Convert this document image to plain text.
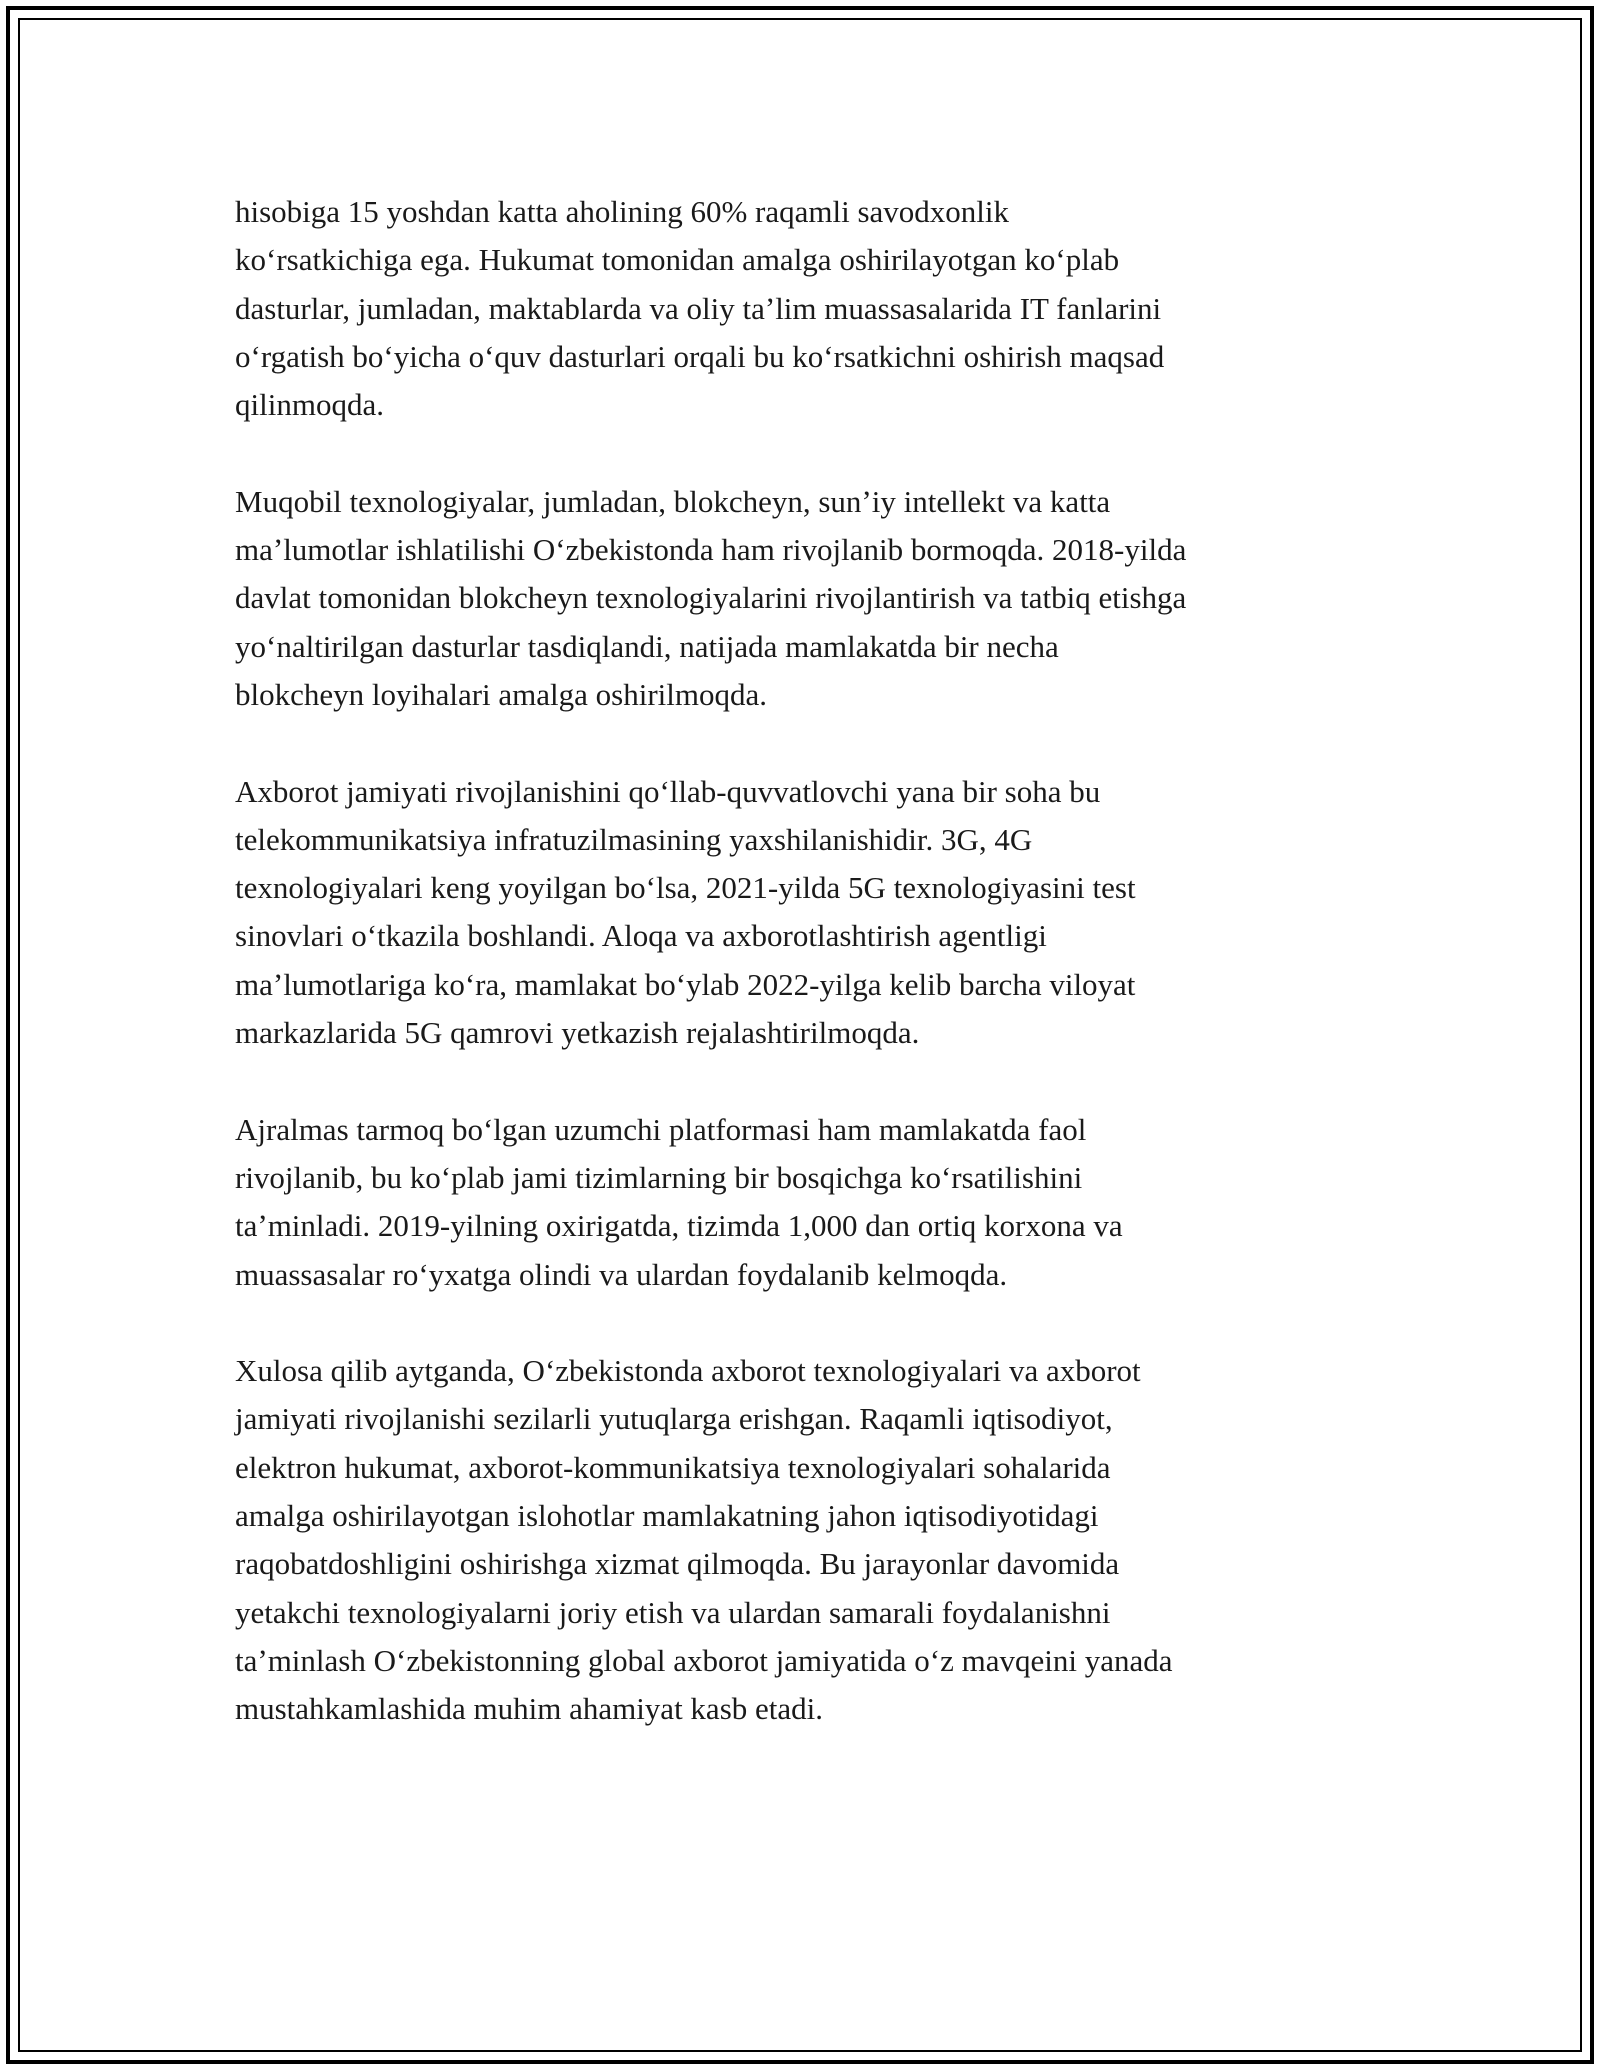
hisobiga 15 yoshdan katta aholining 60% raqamli savodxonlik
koʻrsatkichiga ega. Hukumat tomonidan amalga oshirilayotgan koʻplab
dasturlar, jumladan, maktablarda va oliy taʼlim muassasalarida IT fanlarini
oʻrgatish boʻyicha oʻquv dasturlari orqali bu koʻrsatkichni oshirish maqsad
qilinmoqda.

Muqobil texnologiyalar, jumladan, blokcheyn, sunʼiy intellekt va katta
maʼlumotlar ishlatilishi Oʻzbekistonda ham rivojlanib bormoqda. 2018-yilda
davlat tomonidan blokcheyn texnologiyalarini rivojlantirish va tatbiq etishga
yoʻnaltirilgan dasturlar tasdiqlandi, natijada mamlakatda bir necha
blokcheyn loyihalari amalga oshirilmoqda.

Axborot jamiyati rivojlanishini qoʻllab-quvvatlovchi yana bir soha bu
telekommunikatsiya infratuzilmasining yaxshilanishidir. 3G, 4G
texnologiyalari keng yoyilgan boʻlsa, 2021-yilda 5G texnologiyasini test
sinovlari oʻtkazila boshlandi. Aloqa va axborotlashtirish agentligi
maʼlumotlariga koʻra, mamlakat boʻylab 2022-yilga kelib barcha viloyat
markazlarida 5G qamrovi yetkazish rejalashtirilmoqda.

Ajralmas tarmoq boʻlgan uzumchi platformasi ham mamlakatda faol
rivojlanib, bu koʻplab jami tizimlarning bir bosqichga koʻrsatilishini
taʼminladi. 2019-yilning oxirigatda, tizimda 1,000 dan ortiq korxona va
muassasalar roʻyxatga olindi va ulardan foydalanib kelmoqda.

Xulosa qilib aytganda, Oʻzbekistonda axborot texnologiyalari va axborot
jamiyati rivojlanishi sezilarli yutuqlarga erishgan. Raqamli iqtisodiyot,
elektron hukumat, axborot-kommunikatsiya texnologiyalari sohalarida
amalga oshirilayotgan islohotlar mamlakatning jahon iqtisodiyotidagi
raqobatdoshligini oshirishga xizmat qilmoqda. Bu jarayonlar davomida
yetakchi texnologiyalarni joriy etish va ulardan samarali foydalanishni
taʼminlash Oʻzbekistonning global axborot jamiyatida oʻz mavqeini yanada
mustahkamlashida muhim ahamiyat kasb etadi.
